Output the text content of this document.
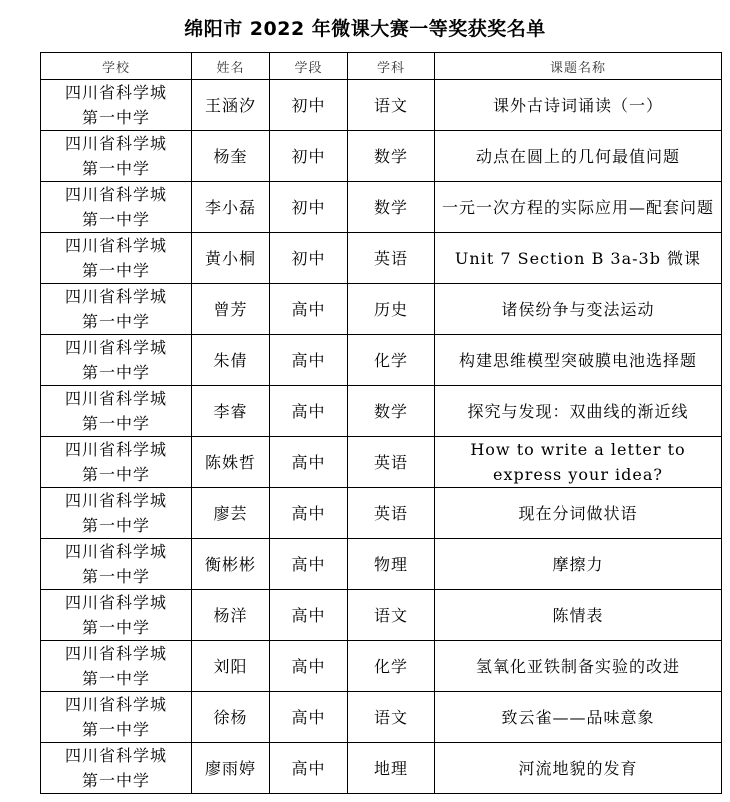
绵阳市 2022 年微课大赛一等奖获奖名单
学校	姓名	学段	学科	课题名称

四川省科学城
第一中学	王涵汐	初中	语文	课外古诗词诵读（一）

四川省科学城
第一中学	杨奎	初中	数学	动点在圆上的几何最值问题

四川省科学城
第一中学	李小磊	初中	数学	一元一次方程的实际应用—配套问题

四川省科学城
第一中学	黄小桐	初中	英语	Unit 7 Section B 3a-3b 微课

四川省科学城
第一中学	曾芳	高中	历史	诸侯纷争与变法运动

四川省科学城
第一中学	朱倩	高中	化学	构建思维模型突破膜电池选择题

四川省科学城
第一中学	李睿	高中	数学	探究与发现：双曲线的渐近线

四川省科学城
第一中学	陈姝哲	高中	英语	How to write a letter to express your idea?

四川省科学城
第一中学	廖芸	高中	英语	现在分词做状语

四川省科学城
第一中学	衡彬彬	高中	物理	摩擦力

四川省科学城
第一中学	杨洋	高中	语文	陈情表

四川省科学城
第一中学	刘阳	高中	化学	氢氧化亚铁制备实验的改进

四川省科学城
第一中学	徐杨	高中	语文	致云雀——品味意象

四川省科学城
第一中学	廖雨婷	高中	地理	河流地貌的发育
